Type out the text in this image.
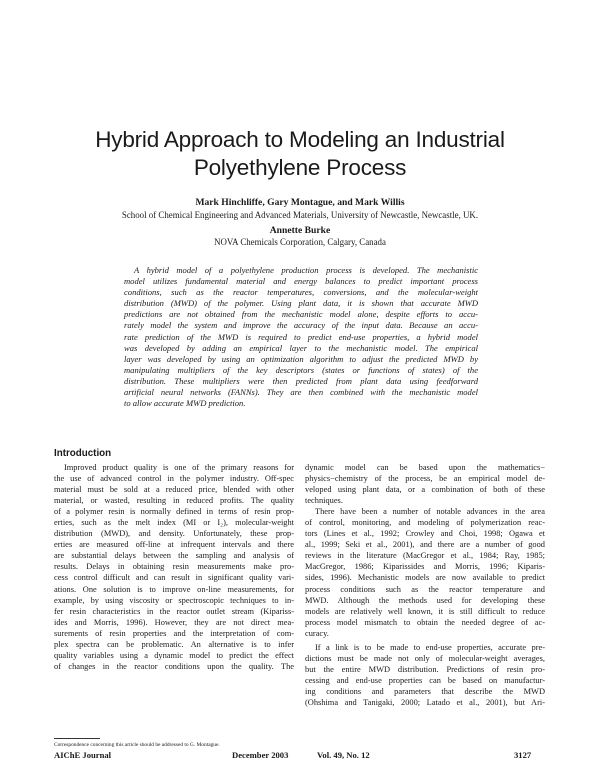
Hybrid Approach to Modeling an Industrial
Polyethylene Process
Mark Hinchliffe, Gary Montague, and Mark Willis
School of Chemical Engineering and Advanced Materials, University of Newcastle, Newcastle, UK.
Annette Burke
NOVA Chemicals Corporation, Calgary, Canada
A hybrid model of a polyethylene production process is developed. The mechanistic
model utilizes fundamental material and energy balances to predict important process
conditions, such as the reactor temperatures, conversions, and the molecular-weight
distribution (MWD) of the polymer. Using plant data, it is shown that accurate MWD
predictions are not obtained from the mechanistic model alone, despite efforts to accu-
rately model the system and improve the accuracy of the input data. Because an accu-
rate prediction of the MWD is required to predict end-use properties, a hybrid model
was developed by adding an empirical layer to the mechanistic model. The empirical
layer was developed by using an optimization algorithm to adjust the predicted MWD by
manipulating multipliers of the key descriptors (states or functions of states) of the
distribution. These multipliers were then predicted from plant data using feedforward
artificial neural networks (FANNs). They are then combined with the mechanistic model
to allow accurate MWD prediction.
Introduction
Improved product quality is one of the primary reasons for
the use of advanced control in the polymer industry. Off-spec
material must be sold at a reduced price, blended with other
material, or wasted, resulting in reduced profits. The quality
of a polymer resin is normally defined in terms of resin prop-
erties, such as the melt index (MI or I₂), molecular-weight
distribution (MWD), and density. Unfortunately, these prop-
erties are measured off-line at infrequent intervals and there
are substantial delays between the sampling and analysis of
results. Delays in obtaining resin measurements make pro-
cess control difficult and can result in significant quality vari-
ations. One solution is to improve on-line measurements, for
example, by using viscosity or spectroscopic techniques to in-
fer resin characteristics in the reactor outlet stream (Kipariss-
ides and Morris, 1996). However, they are not direct mea-
surements of resin properties and the interpretation of com-
plex spectra can be problematic. An alternative is to infer
quality variables using a dynamic model to predict the effect
of changes in the reactor conditions upon the quality. The
dynamic model can be based upon the mathematics−
physics−chemistry of the process, be an empirical model de-
veloped using plant data, or a combination of both of these
techniques.
There have been a number of notable advances in the area
of control, monitoring, and modeling of polymerization reac-
tors (Lines et al., 1992; Crowley and Choi, 1998; Ogawa et
al., 1999; Seki et al., 2001), and there are a number of good
reviews in the literature (MacGregor et al., 1984; Ray, 1985;
MacGregor, 1986; Kiparissides and Morris, 1996; Kiparis-
sides, 1996). Mechanistic models are now available to predict
process conditions such as the reactor temperature and
MWD. Although the methods used for developing these
models are relatively well known, it is still difficult to reduce
process model mismatch to obtain the needed degree of ac-
curacy.
If a link is to be made to end-use properties, accurate pre-
dictions must be made not only of molecular-weight averages,
but the entire MWD distribution. Predictions of resin pro-
cessing and end-use properties can be based on manufactur-
ing conditions and parameters that describe the MWD
(Ohshima and Tanigaki, 2000; Latado et al., 2001), but Ari-
Correspondence concerning this article should be addressed to G. Montague.
AIChE Journal	December 2003	Vol. 49, No. 12	3127
